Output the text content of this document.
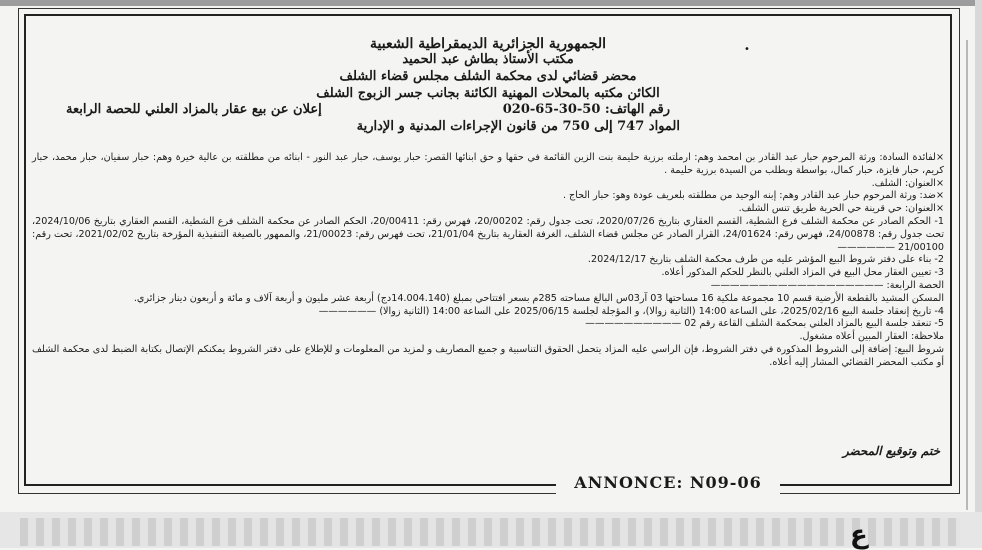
الجمهورية الجزائرية الديمقراطية الشعبية
مكتب الأستاذ بطاش عبد الحميد
محضر قضائي لدى محكمة الشلف مجلس قضاء الشلف
الكائن مكتبه بالمحلات المهنية الكائنة بجانب جسر الزبوج الشلف
رقم الهاتف: 50-30-65-020
إعلان عن بيع عقار بالمزاد العلني للحصة الرابعة
المواد 747 إلى 750 من قانون الإجراءات المدنية و الإدارية

×لفائدة السادة: ورثة المرحوم حبار عبد القادر بن امحمد وهم: ارملته برزية حليمة بنت الزين القائمة في حقها و حق ابنائها القصر: حبار يوسف، حبار عبد النور - ابنائه من مطلقته بن عالية خيرة وهم: حبار سفيان، حبار محمد، حبار كريم، حبار فايزة، حبار كمال، بواسطة وبطلب من السيدة برزية حليمة .

×العنوان: الشلف.

×ضد: ورثة المرحوم حبار عبد القادر وهم: إبنه الوحيد من مطلقته بلعريف عودة وهو: حبار الحاج .

×العنوان: حي قرينة حي الحرية طريق تنس الشلف.

1- الحكم الصادر عن محكمة الشلف فرع الشطية، القسم العقاري بتاريخ 2020/07/26، تحت جدول رقم: 20/00202، فهرس رقم: 20/00411، الحكم الصادر عن محكمة الشلف فرع الشطية، القسم العقاري بتاريخ 2024/10/06، تحت جدول رقم: 24/00878، فهرس رقم: 24/01624، القرار الصادر عن مجلس قضاء الشلف، الغرفة العقارية بتاريخ 21/01/04، تحت فهرس رقم: 21/00023، والممهور بالصيغة التنفيذية المؤرخة بتاريخ 2021/02/02، تحت رقم: 21/00100 ——————

2- بناء على دفتر شروط البيع المؤشر عليه من طرف محكمة الشلف بتاريخ 2024/12/17.

3- تعيين العقار محل البيع في المزاد العلني بالنظر للحكم المذكور أعلاه.

الحصة الرابعة: ——————————————————

المسكن المشيد بالقطعة الأرضية قسم 10 مجموعة ملكية 16 مساحتها 03 آر03س البالغ مساحته 285م بسعر افتتاحي بمبلغ (14.004.140دج) أربعة عشر مليون و أربعة آلاف و مائة و أربعون دينار جزائري.

4- تاريخ إنعقاد جلسة البيع 2025/02/16، على الساعة 14:00 (الثانية زوالا)، و المؤجلة لجلسة 2025/06/15 على الساعة 14:00 (الثانية زوالا) ——————

5- تنعقد جلسة البيع بالمزاد العلني بمحكمة الشلف القاعة رقم 02 ——————————

ملاحظة: العقار المبين أعلاه مشغول.

شروط البيع: إضافة إلى الشروط المذكورة في دفتر الشروط، فإن الراسي عليه المزاد يتحمل الحقوق التناسبية و جميع المصاريف و لمزيد من المعلومات و للإطلاع على دفتر الشروط يمكنكم الإتصال بكتابة الضبط لدى محكمة الشلف أو مكتب المحضر القضائي المشار إليه أعلاه.

ختم وتوقيع المحضر
•
ANNONCE: N09-06
ع
